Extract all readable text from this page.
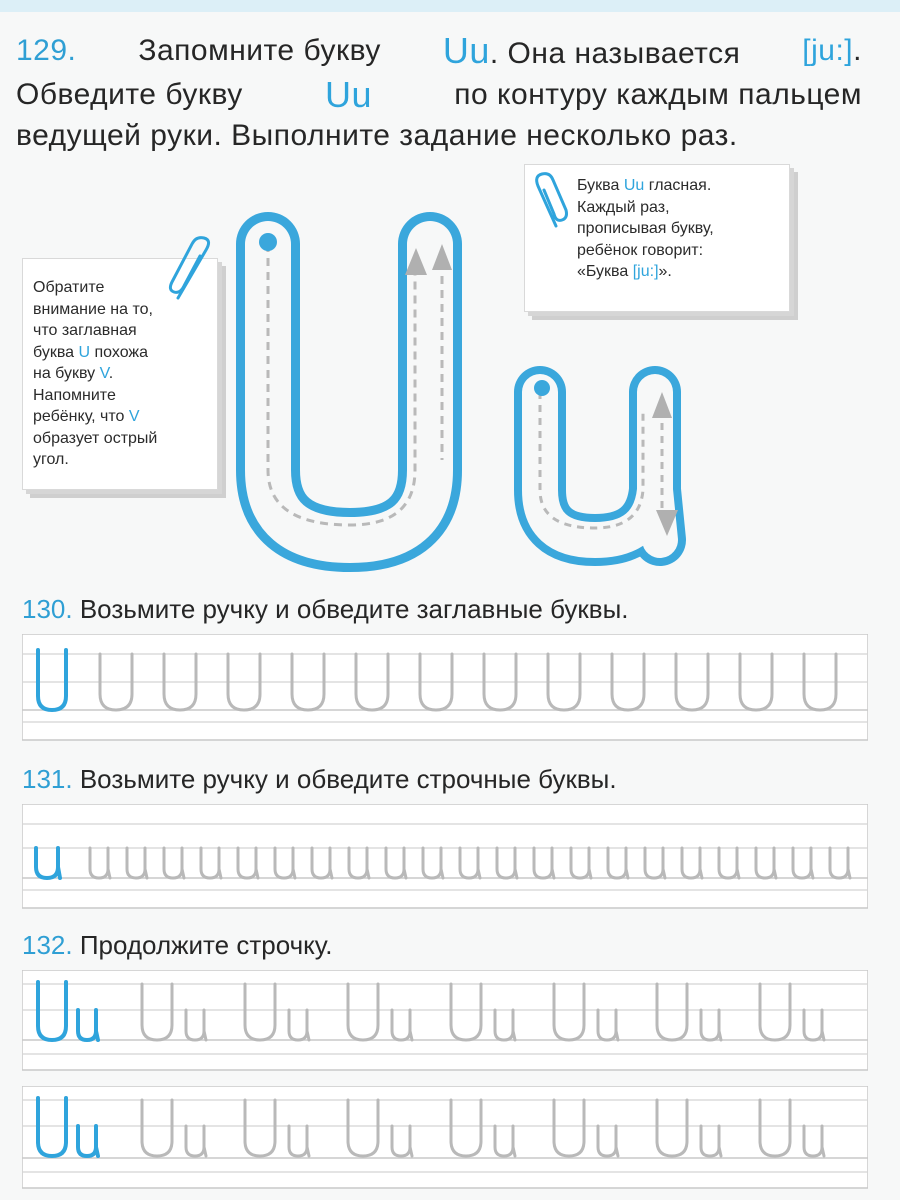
129. Запомните букву Uu. Она называется [ju:].
Обведите букву Uu	по контуру каждым пальцем
ведущей руки. Выполните задание несколько раз.
Обратите
внимание на то,
что заглавная
буква U похожа
на букву V.
Напомните
ребёнку, что V
образует острый
угол.
Буква Uu гласная.
Каждый раз,
прописывая букву,
ребёнок говорит:
«Буква [ju:]».
130. Возьмите ручку и обведите заглавные буквы.
131. Возьмите ручку и обведите строчные буквы.
132. Продолжите строчку.
